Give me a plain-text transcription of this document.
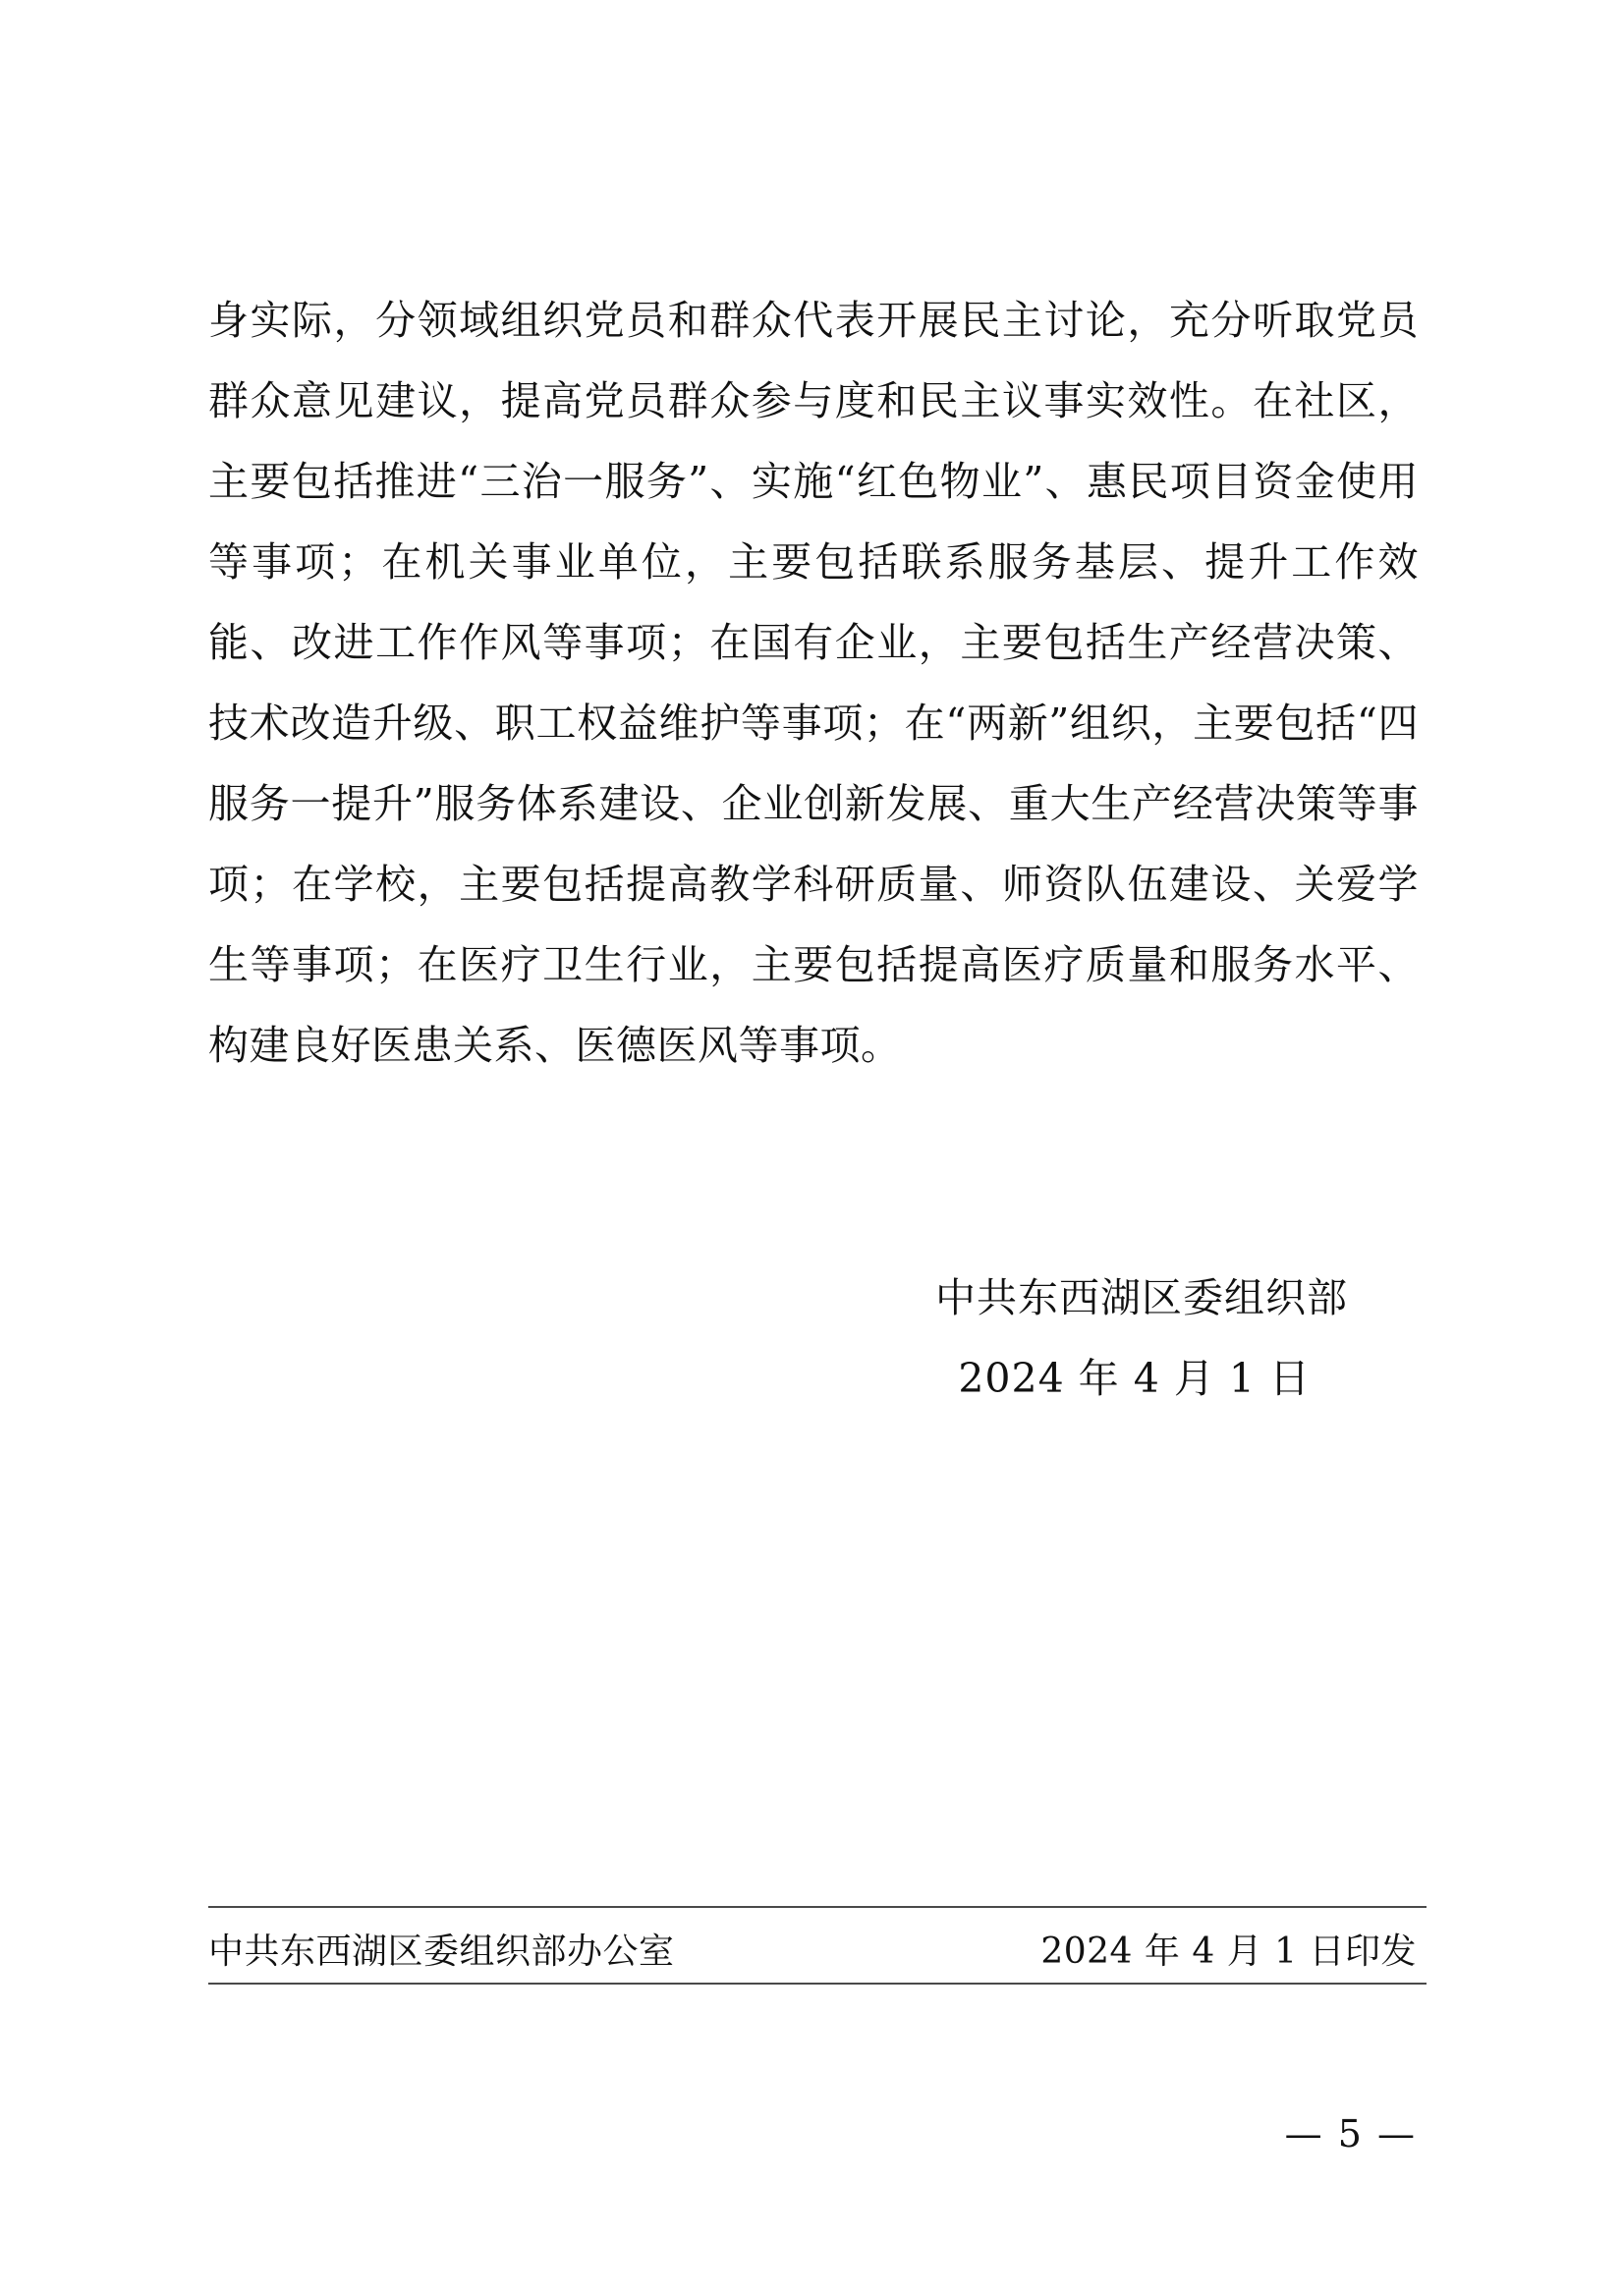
身实际，分领域组织党员和群众代表开展民主讨论，充分听取党员群众意见建议，提高党员群众参与度和民主议事实效性。在社区，主要包括推进“三治一服务”、实施“红色物业”、惠民项目资金使用等事项；在机关事业单位，主要包括联系服务基层、提升工作效能、改进工作作风等事项；在国有企业，主要包括生产经营决策、技术改造升级、职工权益维护等事项；在“两新”组织，主要包括“四服务一提升”服务体系建设、企业创新发展、重大生产经营决策等事项；在学校，主要包括提高教学科研质量、师资队伍建设、关爱学生等事项；在医疗卫生行业，主要包括提高医疗质量和服务水平、构建良好医患关系、医德医风等事项。

中共东西湖区委组织部
2024 年 4 月 1 日
中共东西湖区委组织部办公室	2024 年 4 月 1 日印发
— 5 —
